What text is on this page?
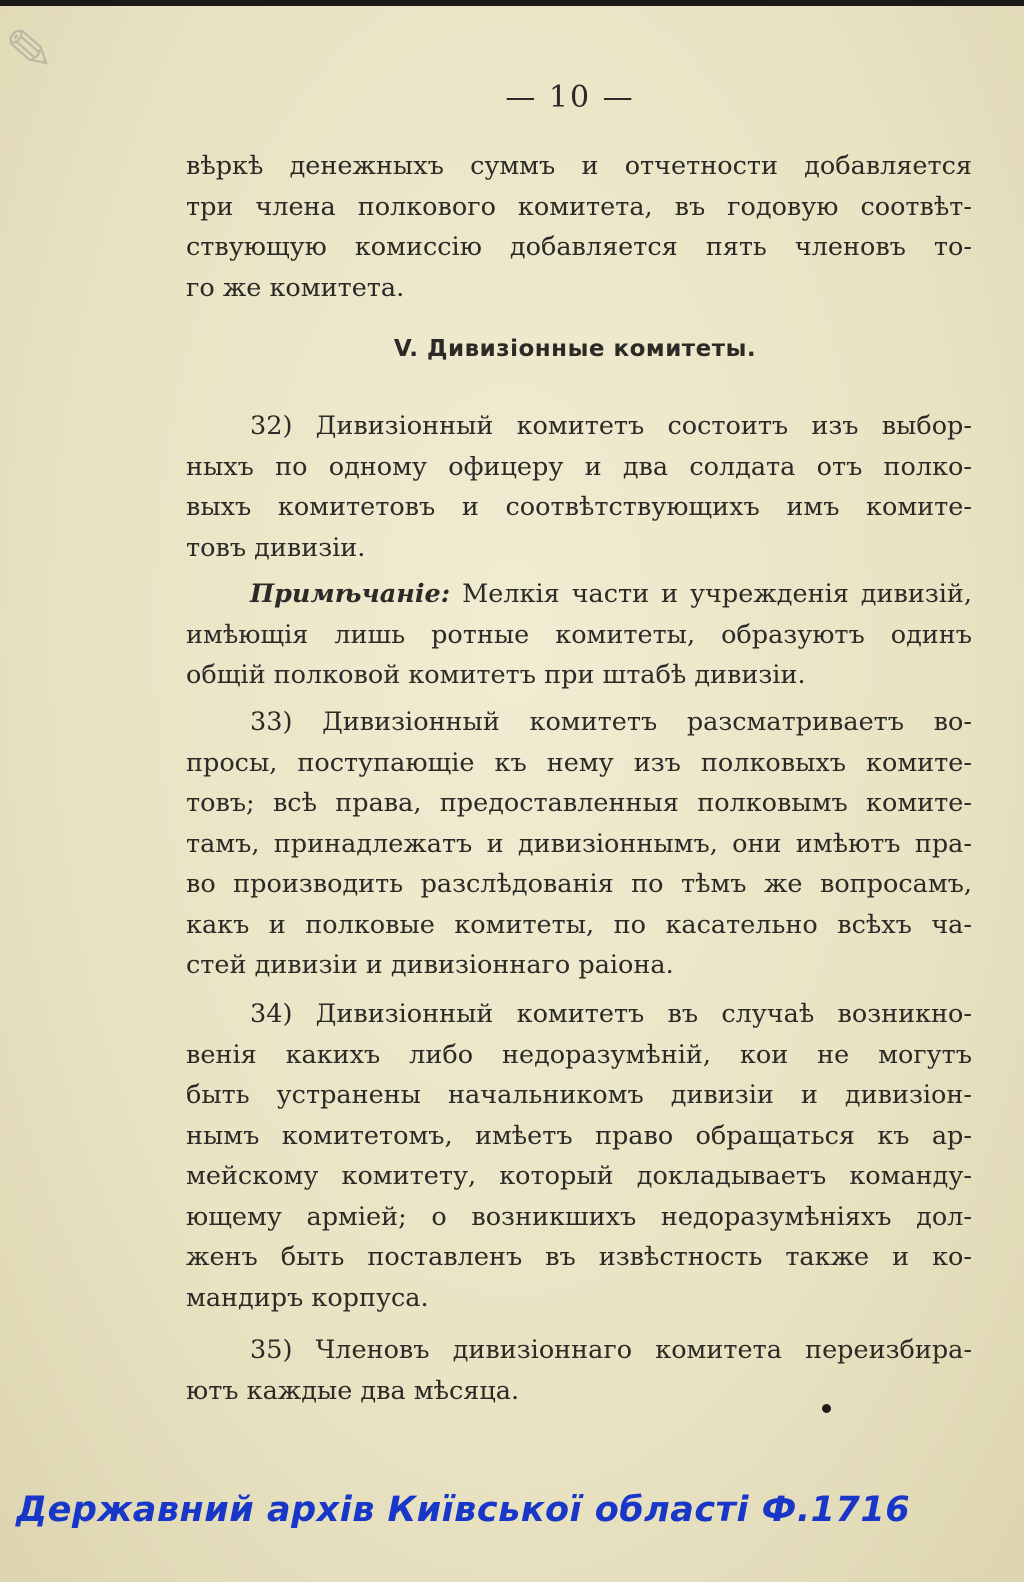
✎
— 10 —
вѣркѣ денежныхъ суммъ и отчетности добавляется
три члена полкового комитета, въ годовую соотвѣт-
ствующую комиссію добавляется пять членовъ то-
го же комитета.
V. Дивизіонные комитеты.
32) Дивизіонный комитетъ состоитъ изъ выбор-
ныхъ по одному офицеру и два солдата отъ полко-
выхъ комитетовъ и соотвѣтствующихъ имъ комите-
товъ дивизіи.
Примѣчаніе: Мелкія части и учрежденія дивизій,
имѣющія лишь ротные комитеты, образуютъ одинъ
общій полковой комитетъ при штабѣ дивизіи.
33) Дивизіонный комитетъ разсматриваетъ во-
просы, поступающіе къ нему изъ полковыхъ комите-
товъ; всѣ права, предоставленныя полковымъ комите-
тамъ, принадлежатъ и дивизіоннымъ, они имѣютъ пра-
во производить разслѣдованія по тѣмъ же вопросамъ,
какъ и полковые комитеты, по касательно всѣхъ ча-
стей дивизіи и дивизіоннаго раіона.
34) Дивизіонный комитетъ въ случаѣ возникно-
венія какихъ либо недоразумѣній, кои не могутъ
быть устранены начальникомъ дивизіи и дивизіон-
нымъ комитетомъ, имѣетъ право обращаться къ ар-
мейскому комитету, который докладываетъ команду-
ющему арміей; о возникшихъ недоразумѣніяхъ дол-
женъ быть поставленъ въ извѣстность также и ко-
мандиръ корпуса.
35) Членовъ дивизіоннаго комитета переизбира-
ютъ каждые два мѣсяца.
Державний архів Київської області Ф.1716
